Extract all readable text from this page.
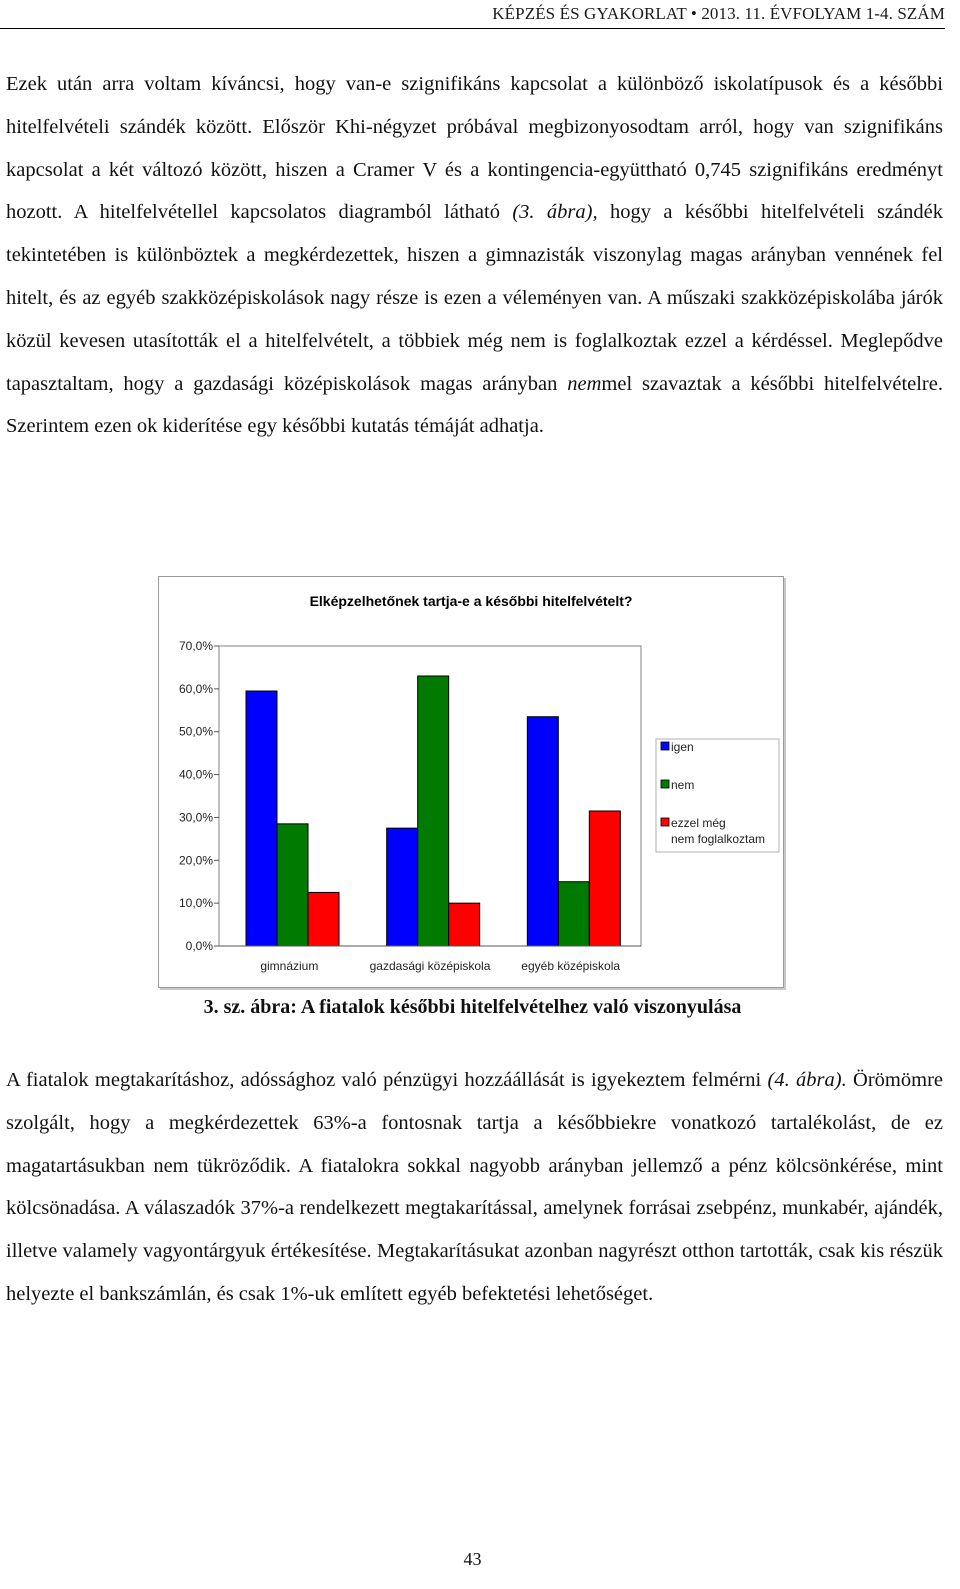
KÉPZÉS ÉS GYAKORLAT • 2013. 11. ÉVFOLYAM 1-4. SZÁM

Ezek után arra voltam kíváncsi, hogy van-e szignifikáns kapcsolat a különböző iskolatípusok és a későbbi hitelfelvételi szándék között. Először Khi-négyzet próbával megbizonyosodtam arról, hogy van szignifikáns kapcsolat a két változó között, hiszen a Cramer V és a kontingencia-együttható 0,745 szignifikáns eredményt hozott. A hitelfelvétellel kapcsolatos diagramból látható (3. ábra), hogy a későbbi hitelfelvételi szándék tekintetében is különböztek a megkérdezettek, hiszen a gimnazisták viszonylag magas arányban vennének fel hitelt, és az egyéb szakközépiskolások nagy része is ezen a véleményen van. A műszaki szakközépiskolába járók közül kevesen utasították el a hitelfelvételt, a többiek még nem is foglalkoztak ezzel a kérdéssel. Meglepődve tapasztaltam, hogy a gazdasági középiskolások magas arányban nemmel szavaztak a későbbi hitelfelvételre. Szerintem ezen ok kiderítése egy későbbi kutatás témáját adhatja.

Elképzelhetőnek tartja-e a későbbi hitelfelvételt?
0,0%
10,0%
20,0%
30,0%
40,0%
50,0%
60,0%
70,0%
gimnázium	gazdasági középiskola	egyéb középiskola
igen
nem
ezzel még
nem foglalkoztam
3. sz. ábra: A fiatalok későbbi hitelfelvételhez való viszonyulása

A fiatalok megtakarításhoz, adóssághoz való pénzügyi hozzáállását is igyekeztem felmérni (4. ábra). Örömömre szolgált, hogy a megkérdezettek 63%-a fontosnak tartja a későbbiekre vonatkozó tartalékolást, de ez magatartásukban nem tükröződik. A fiatalokra sokkal nagyobb arányban jellemző a pénz kölcsönkérése, mint kölcsönadása. A válaszadók 37%-a rendelkezett megtakarítással, amelynek forrásai zsebpénz, munkabér, ajándék, illetve valamely vagyontárgyuk értékesítése. Megtakarításukat azonban nagyrészt otthon tartották, csak kis részük helyezte el bankszámlán, és csak 1%-uk említett egyéb befektetési lehetőséget.

43
